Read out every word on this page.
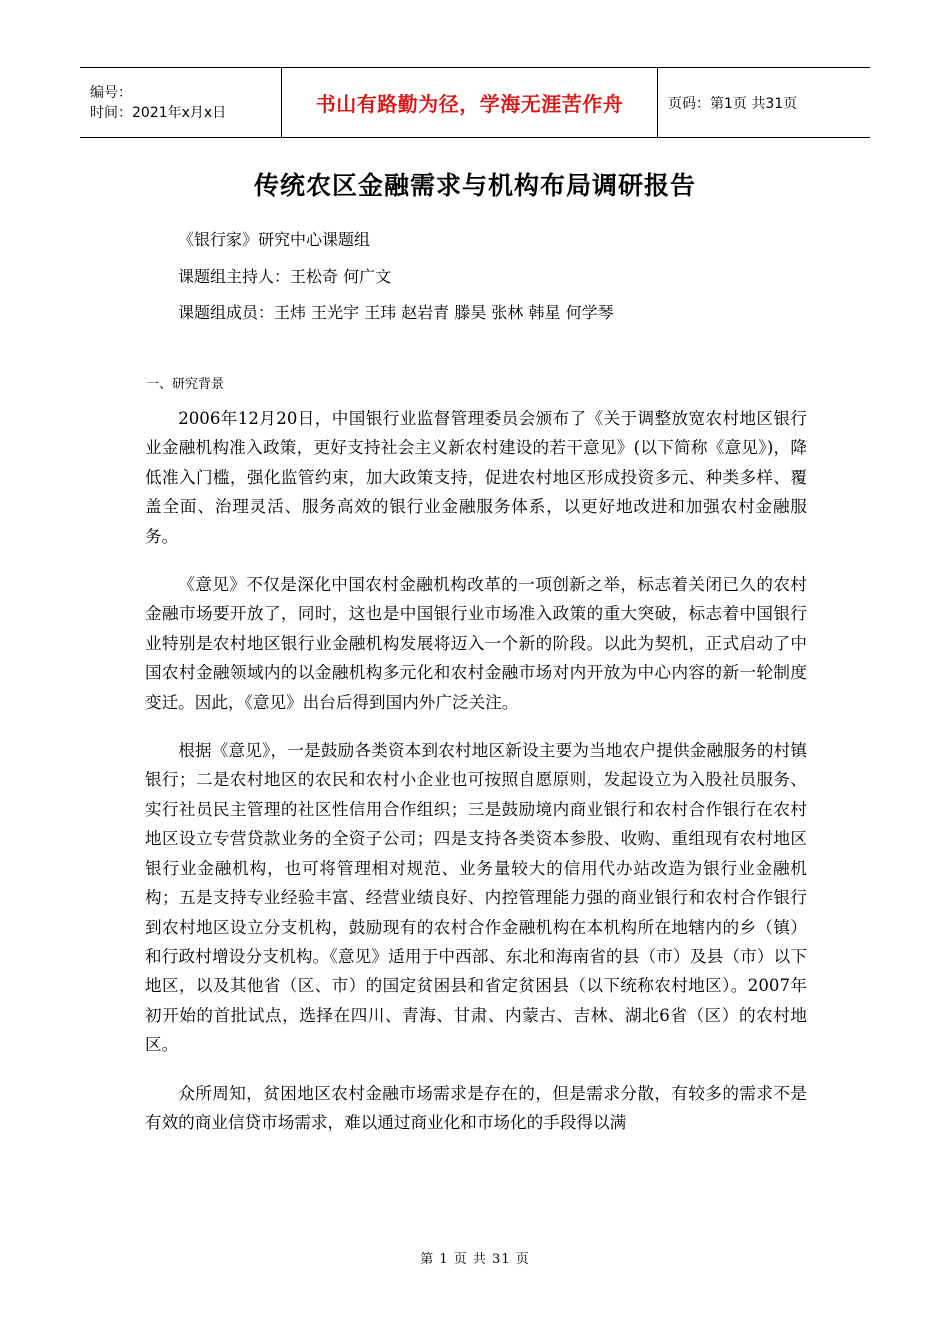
编号：
时间：2021年x月x日	书山有路勤为径，学海无涯苦作舟	页码：第1页 共31页
传统农区金融需求与机构布局调研报告
《银行家》研究中心课题组
课题组主持人：王松奇 何广文
课题组成员：王炜 王光宇 王玮 赵岩青 滕昊 张林 韩星 何学琴
一、研究背景

2006年12月20日，中国银行业监督管理委员会颁布了《关于调整放宽农村地区银行业金融机构准入政策，更好支持社会主义新农村建设的若干意见》(以下简称《意见》)，降低准入门槛，强化监管约束，加大政策支持，促进农村地区形成投资多元、种类多样、覆盖全面、治理灵活、服务高效的银行业金融服务体系，以更好地改进和加强农村金融服务。

《意见》不仅是深化中国农村金融机构改革的一项创新之举，标志着关闭已久的农村金融市场要开放了，同时，这也是中国银行业市场准入政策的重大突破，标志着中国银行业特别是农村地区银行业金融机构发展将迈入一个新的阶段。以此为契机，正式启动了中国农村金融领域内的以金融机构多元化和农村金融市场对内开放为中心内容的新一轮制度变迁。因此，《意见》出台后得到国内外广泛关注。

根据《意见》，一是鼓励各类资本到农村地区新设主要为当地农户提供金融服务的村镇银行；二是农村地区的农民和农村小企业也可按照自愿原则，发起设立为入股社员服务、实行社员民主管理的社区性信用合作组织；三是鼓励境内商业银行和农村合作银行在农村地区设立专营贷款业务的全资子公司；四是支持各类资本参股、收购、重组现有农村地区银行业金融机构，也可将管理相对规范、业务量较大的信用代办站改造为银行业金融机构；五是支持专业经验丰富、经营业绩良好、内控管理能力强的商业银行和农村合作银行到农村地区设立分支机构，鼓励现有的农村合作金融机构在本机构所在地辖内的乡（镇）和行政村增设分支机构。《意见》适用于中西部、东北和海南省的县（市）及县（市）以下地区，以及其他省（区、市）的国定贫困县和省定贫困县（以下统称农村地区）。2007年初开始的首批试点，选择在四川、青海、甘肃、内蒙古、吉林、湖北6省（区）的农村地区。

众所周知，贫困地区农村金融市场需求是存在的，但是需求分散，有较多的需求不是有效的商业信贷市场需求，难以通过商业化和市场化的手段得以满

第 1 页 共 31 页
